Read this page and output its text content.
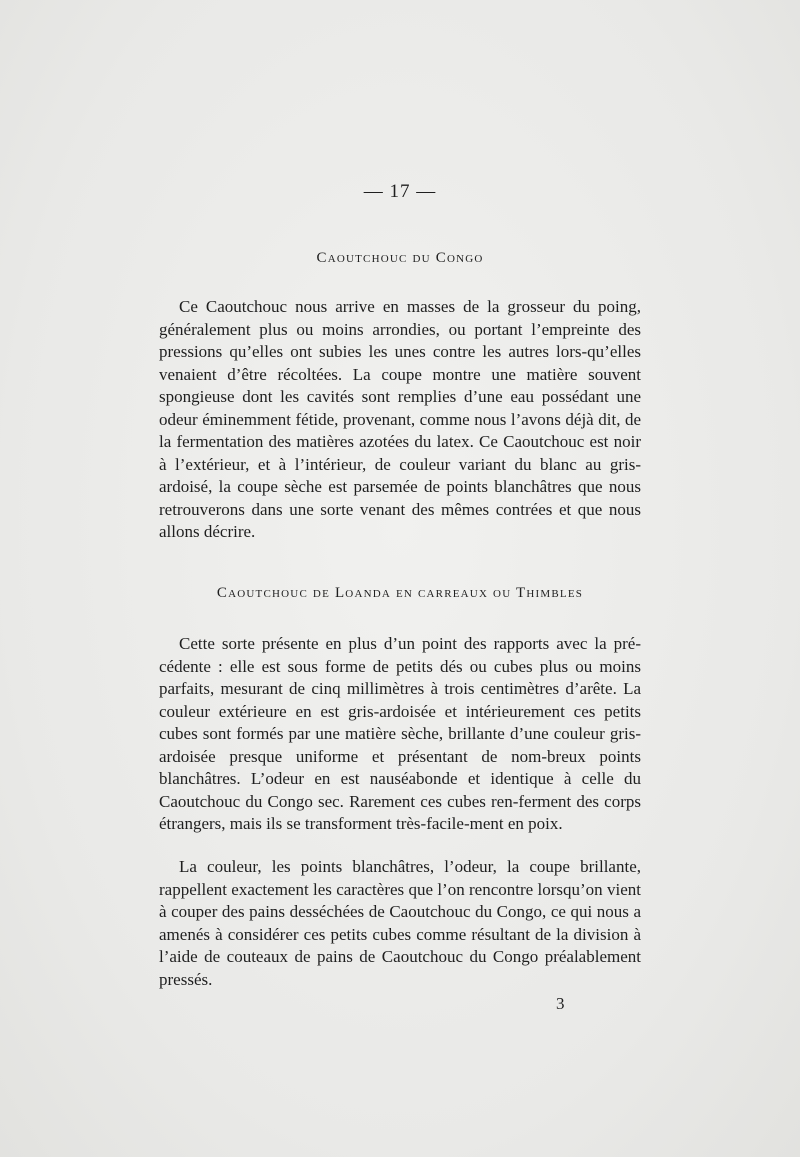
— 17 —
Caoutchouc du Congo

Ce Caoutchouc nous arrive en masses de la grosseur du poing, généralement plus ou moins arrondies, ou portant l’empreinte des pressions qu’elles ont subies les unes contre les autres lors-qu’elles venaient d’être récoltées. La coupe montre une matière souvent spongieuse dont les cavités sont remplies d’une eau possédant une odeur éminemment fétide, provenant, comme nous l’avons déjà dit, de la fermentation des matières azotées du latex. Ce Caoutchouc est noir à l’extérieur, et à l’intérieur, de couleur variant du blanc au gris-ardoisé, la coupe sèche est parsemée de points blanchâtres que nous retrouverons dans une sorte venant des mêmes contrées et que nous allons décrire.

Caoutchouc de Loanda en carreaux ou Thimbles

Cette sorte présente en plus d’un point des rapports avec la pré-cédente : elle est sous forme de petits dés ou cubes plus ou moins parfaits, mesurant de cinq millimètres à trois centimètres d’arête. La couleur extérieure en est gris-ardoisée et intérieurement ces petits cubes sont formés par une matière sèche, brillante d’une couleur gris-ardoisée presque uniforme et présentant de nom-breux points blanchâtres. L’odeur en est nauséabonde et identique à celle du Caoutchouc du Congo sec. Rarement ces cubes ren-ferment des corps étrangers, mais ils se transforment très-facile-ment en poix.

La couleur, les points blanchâtres, l’odeur, la coupe brillante, rappellent exactement les caractères que l’on rencontre lorsqu’on vient à couper des pains desséchées de Caoutchouc du Congo, ce qui nous a amenés à considérer ces petits cubes comme résultant de la division à l’aide de couteaux de pains de Caoutchouc du Congo préalablement pressés.

3
